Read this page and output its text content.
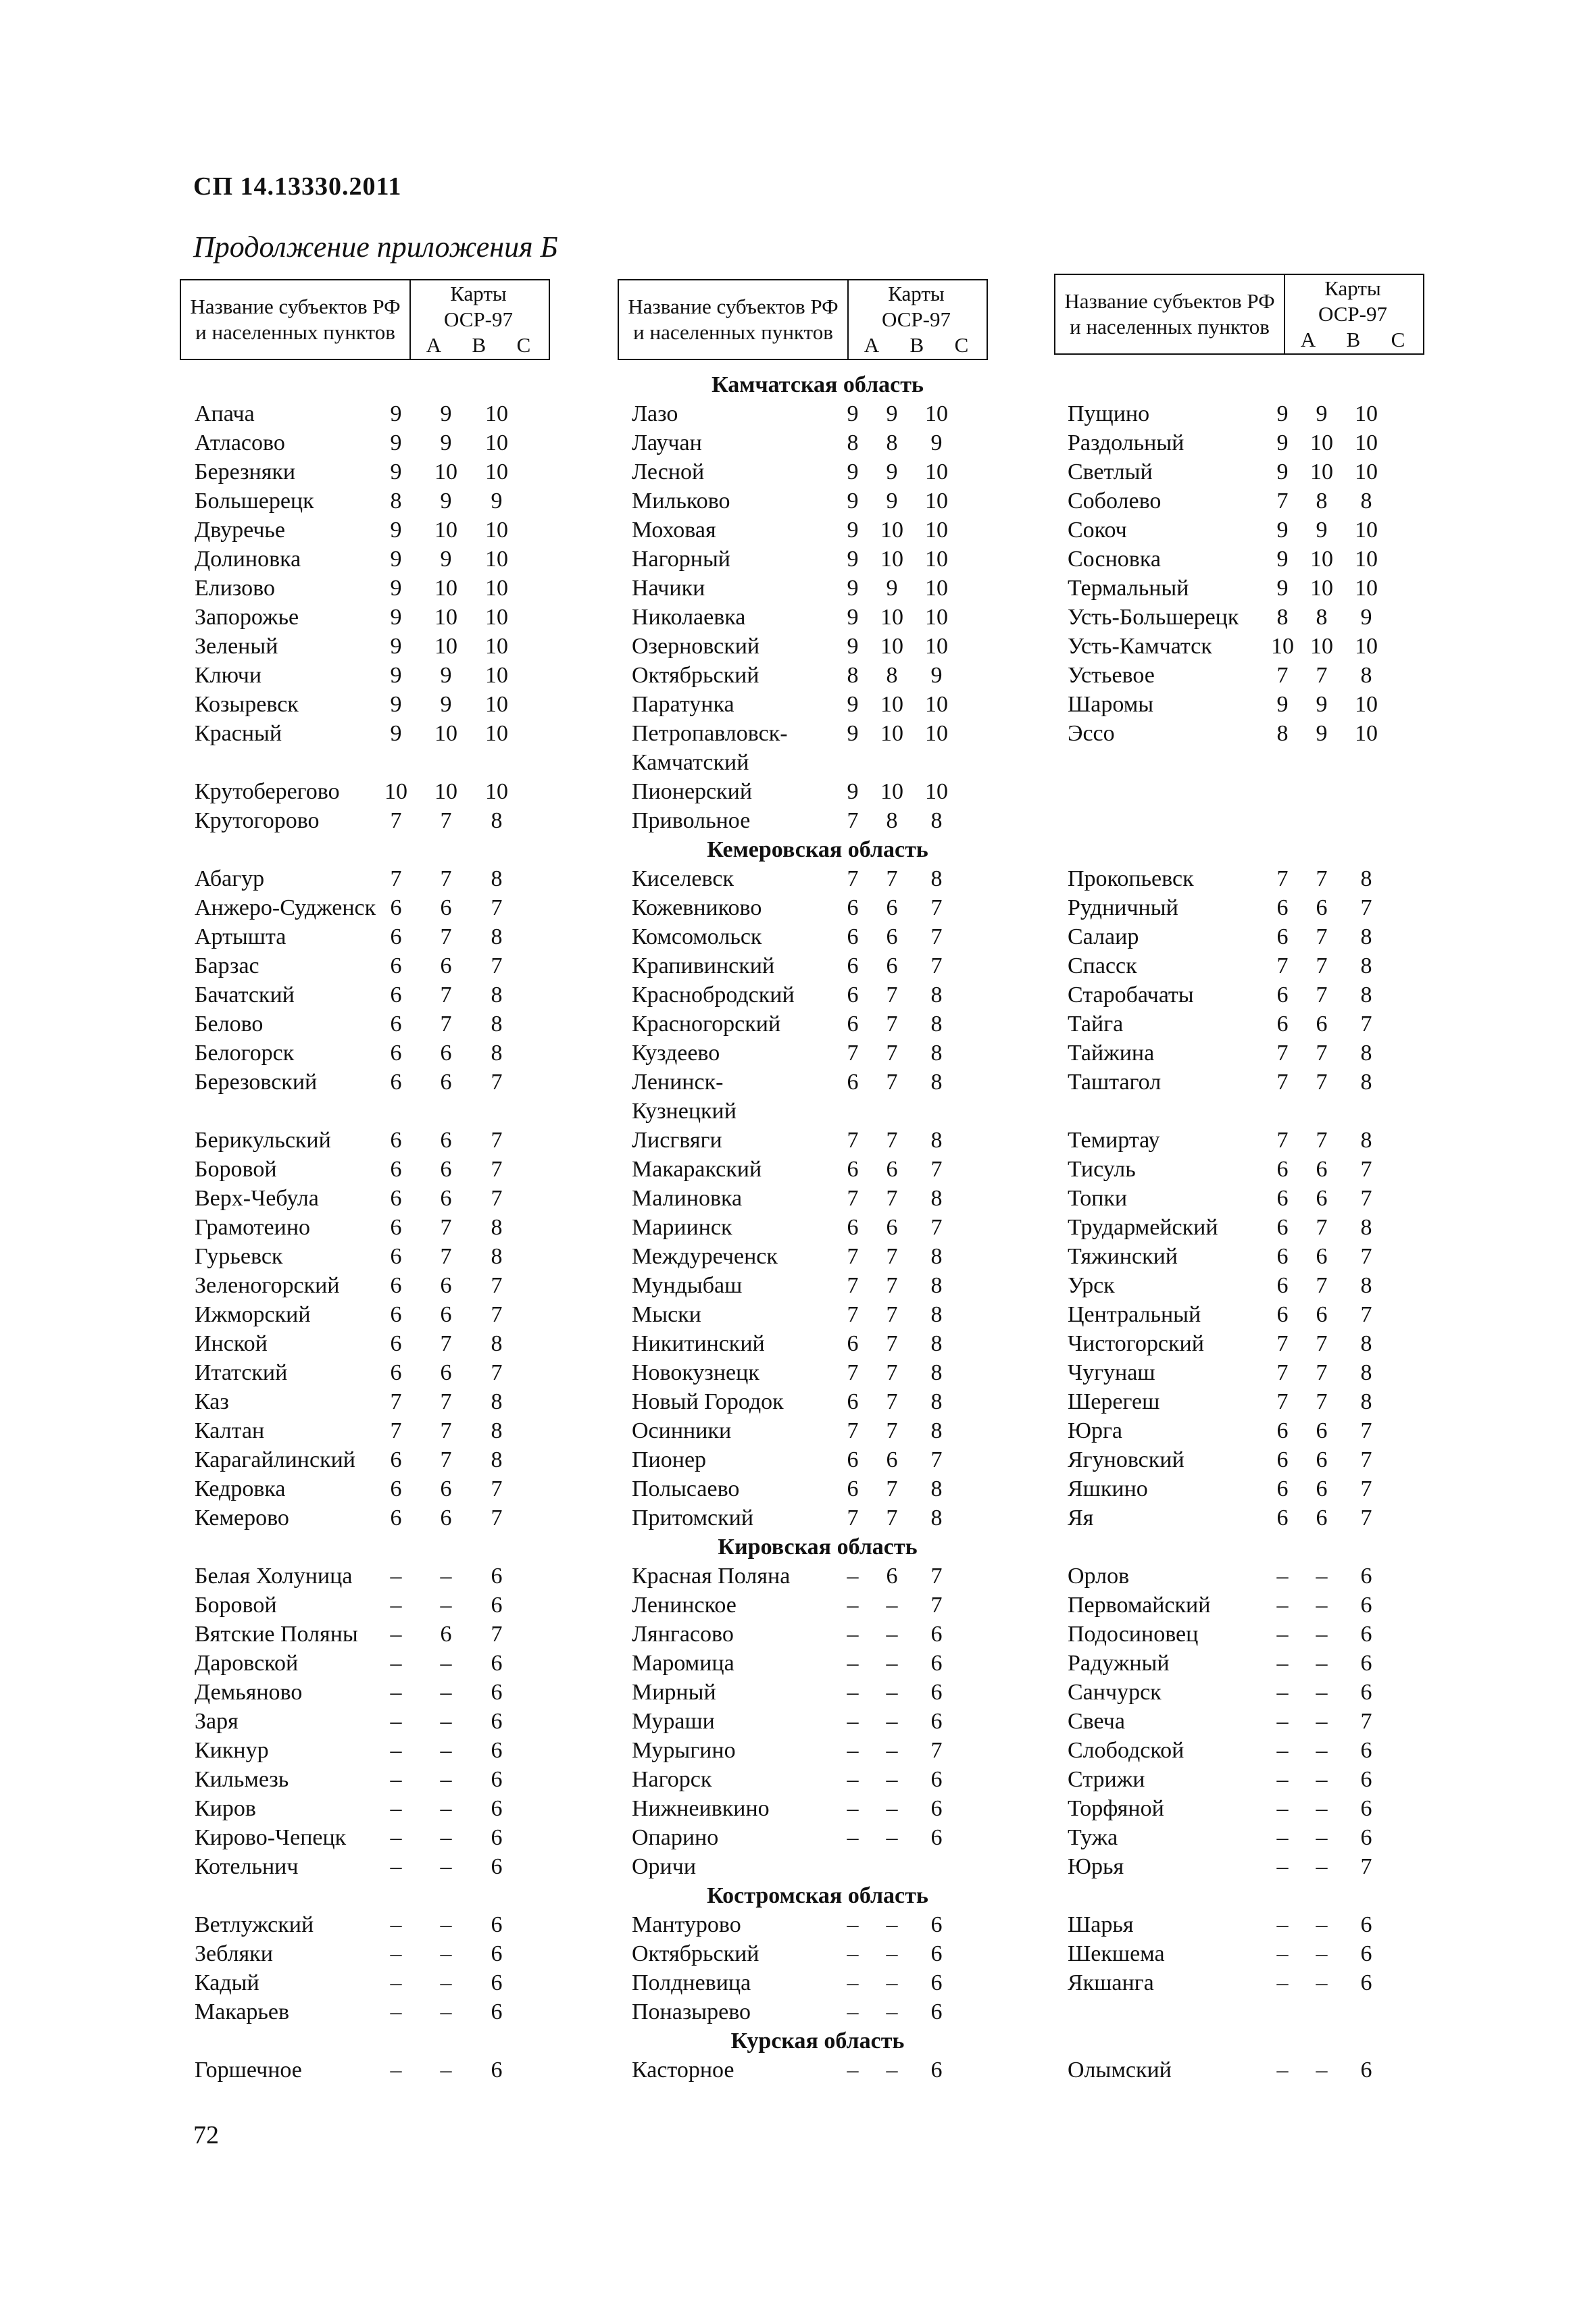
СП 14.13330.2011
Продолжение приложения Б
Название субъектов РФ и населенных пунктов
Карты ОСР-97
А В С
Название субъектов РФ и населенных пунктов
Карты ОСР-97
А В С
Название субъектов РФ и населенных пунктов
Карты ОСР-97
А В С
Камчатская область
Апача	9	9	10	Лазо	9	9	10	Пущино	9	9	10
Атласово	9	9	10	Лаучан	8	8	9	Раздольный	9 10 10
Березняки	9	10	10	Лесной	9	9	10	Светлый	9 10 10
Большерецк	8	9	9	Мильково	9	9	10	Соболево	7	8	8
Двуречье	9	10	10	Моховая	9 10 10	Сокоч	9	9	10
Долиновка	9	9	10	Нагорный	9 10 10	Сосновка	9 10 10
Елизово	9	10	10	Начики	9	9	10	Термальный	9 10 10
Запорожье	9	10	10	Николаевка	9 10 10	Усть-Большерецк	8	8	9
Зеленый	9	10	10	Озерновский	9 10 10	Усть-Камчатск	10 10 10
Ключи	9	9	10	Октябрьский	8	8	9	Устьевое	7	7	8
Козыревск	9	9	10	Паратунка	9 10 10	Шаромы	9	9	10
Красный	9	10	10	Петропавловск-	9 10 10	Эссо	8	9	10
Камчатский
Крутоберегово	10	10	10	Пионерский	9 10 10
Крутогорово	7	7	8	Привольное	7	8	8
Кемеровская область
Абагур	7	7	8	Киселевск	7	7	8	Прокопьевск	7	7	8
Анжеро-Судженск 6	6	7	Кожевниково	6	6	7	Рудничный	6	6	7
Артышта	6	7	8	Комсомольск	6	6	7	Салаир	6	7	8
Барзас	6	6	7	Крапивинский	6	6	7	Спасск	7	7	8
Бачатский	6	7	8	Краснобродский	6	7	8	Старобачаты	6	7	8
Белово	6	7	8	Красногорский	6	7	8	Тайга	6	6	7
Белогорск	6	6	8	Куздеево	7	7	8	Тайжина	7	7	8
Березовский	6	6	7	Ленинск-	6	7	8	Таштагол	7	7	8
Кузнецкий
Берикульский	6	6	7	Лисгвяги	7	7	8	Темиртау	7	7	8
Боровой	6	6	7	Макаракский	6	6	7	Тисуль	6	6	7
Верх-Чебула	6	6	7	Малиновка	7	7	8	Топки	6	6	7
Грамотеино	6	7	8	Мариинск	6	6	7	Трудармейский	6	7	8
Гурьевск	6	7	8	Междуреченск	7	7	8	Тяжинский	6	6	7
Зеленогорский	6	6	7	Мундыбаш	7	7	8	Урск	6	7	8
Ижморский	6	6	7	Мыски	7	7	8	Центральный	6	6	7
Инской	6	7	8	Никитинский	6	7	8	Чистогорский	7	7	8
Итатский	6	6	7	Новокузнецк	7	7	8	Чугунаш	7	7	8
Каз	7	7	8	Новый Городок	6	7	8	Шерегеш	7	7	8
Калтан	7	7	8	Осинники	7	7	8	Юрга	6	6	7
Карагайлинский	6	7	8	Пионер	6	6	7	Ягуновский	6	6	7
Кедровка	6	6	7	Полысаево	6	7	8	Яшкино	6	6	7
Кемерово	6	6	7	Притомский	7	7	8	Яя	6	6	7
Кировская область
Белая Холуница	–	–	6	Красная Поляна	–	6	7	Орлов	–	–	6
Боровой	–	–	6	Ленинское	–	–	7	Первомайский	–	–	6
Вятские Поляны	–	6	7	Лянгасово	–	–	6	Подосиновец	–	–	6
Даровской	–	–	6	Маромица	–	–	6	Радужный	–	–	6
Демьяново	–	–	6	Мирный	–	–	6	Санчурск	–	–	6
Заря	–	–	6	Мураши	–	–	6	Свеча	–	–	7
Кикнур	–	–	6	Мурыгино	–	–	7	Слободской	–	–	6
Кильмезь	–	–	6	Нагорск	–	–	6	Стрижи	–	–	6
Киров	–	–	6	Нижнеивкино	–	–	6	Торфяной	–	–	6
Кирово-Чепецк	–	–	6	Опарино	–	–	6	Тужа	–	–	6
Котельнич	–	–	6	Оричи	Юрья	–	–	7
Костромская область
Ветлужский	–	–	6	Мантурово	–	–	6	Шарья	–	–	6
Зебляки	–	–	6	Октябрьский	–	–	6	Шекшема	–	–	6
Кадый	–	–	6	Полдневица	–	–	6	Якшанга	–	–	6
Макарьев	–	–	6	Поназырево	–	–	6
Курская область
Горшечное	–	–	6	Касторное	–	–	6	Олымский	–	–	6
72
